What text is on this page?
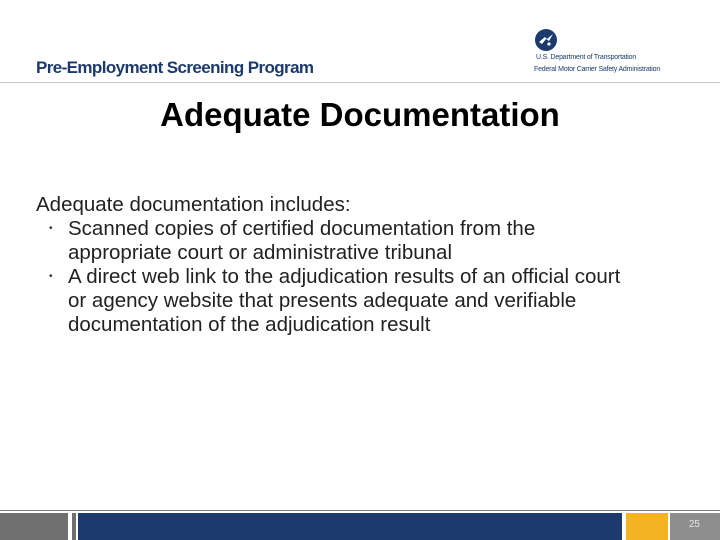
Pre-Employment Screening Program
U.S. Department of Transportation
Federal Motor Carrier Safety Administration
Adequate Documentation
Adequate documentation includes:
• Scanned copies of certified documentation from the appropriate court or administrative tribunal
• A direct web link to the adjudication results of an official court or agency website that presents adequate and verifiable documentation of the adjudication result
25
